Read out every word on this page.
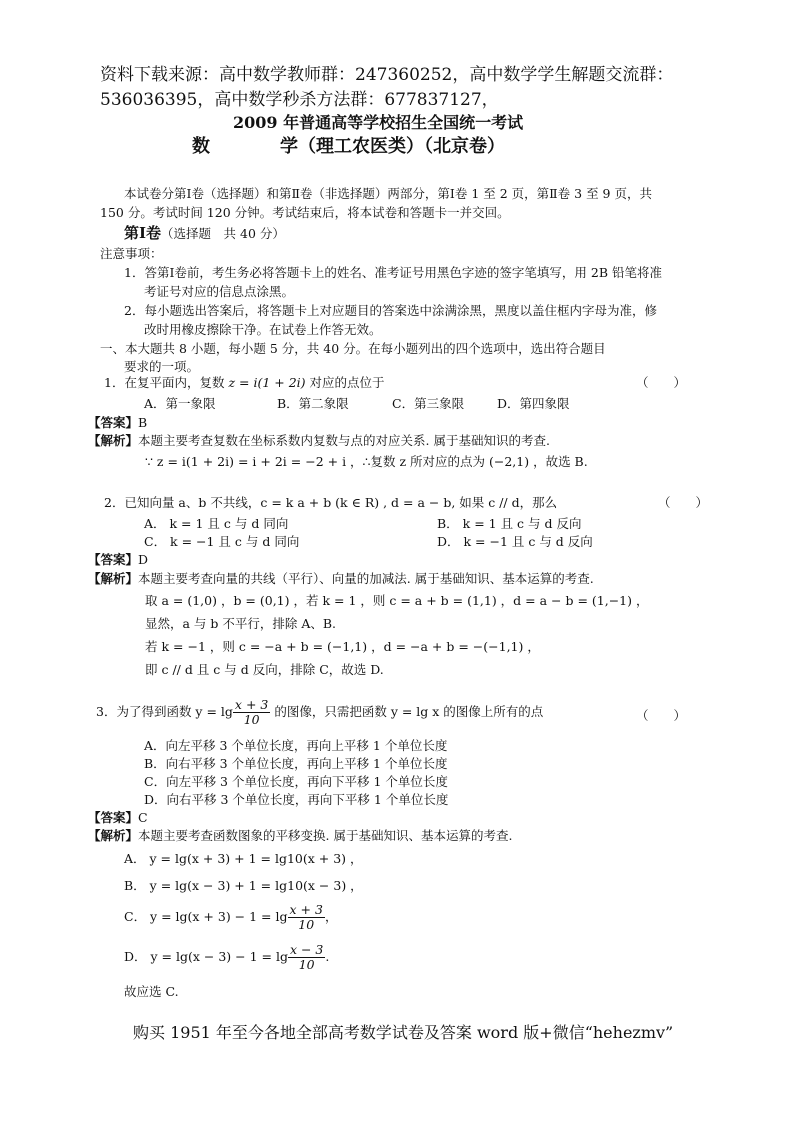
资料下载来源：高中数学教师群：247360252，高中数学学生解题交流群：
536036395，高中数学秒杀方法群：677837127，
2009 年普通高等学校招生全国统一考试
数	学（理工农医类）（北京卷）
本试卷分第Ⅰ卷（选择题）和第Ⅱ卷（非选择题）两部分，第Ⅰ卷 1 至 2 页，第Ⅱ卷 3 至 9 页，共
150 分。考试时间 120 分钟。考试结束后，将本试卷和答题卡一并交回。
第Ⅰ卷（选择题　共 40 分）
注意事项：
1．答第Ⅰ卷前，考生务必将答题卡上的姓名、准考证号用黑色字迹的签字笔填写，用 2B 铅笔将准
考证号对应的信息点涂黑。
2．每小题选出答案后，将答题卡上对应题目的答案选中涂满涂黑，黑度以盖住框内字母为准，修
改时用橡皮擦除干净。在试卷上作答无效。
一、本大题共 8 小题，每小题 5 分，共 40 分。在每小题列出的四个选项中，选出符合题目
要求的一项。
1．在复平面内，复数 z = i(1 + 2i) 对应的点位于	（　　）
A．第一象限	B．第二象限	C．第三象限	D．第四象限
【答案】B
【解析】本题主要考查复数在坐标系数内复数与点的对应关系. 属于基础知识的考查.
∵ z = i(1 + 2i) = i + 2i = −2 + i ，∴复数 z 所对应的点为 (−2,1) ，故选 B.
2．已知向量 a、b 不共线，c = k a + b (k ∈ R) , d = a − b, 如果 c // d，那么	（　　）
A． k = 1 且 c 与 d 同向	B． k = 1 且 c 与 d 反向
C． k = −1 且 c 与 d 同向	D． k = −1 且 c 与 d 反向
【答案】D
【解析】本题主要考查向量的共线（平行）、向量的加减法. 属于基础知识、基本运算的考查.
取 a = (1,0) ，b = (0,1) ，若 k = 1 ，则 c = a + b = (1,1) ，d = a − b = (1,−1) ，
显然，a 与 b 不平行，排除 A、B.
若 k = −1 ，则 c = −a + b = (−1,1) ，d = −a + b = −(−1,1) ，
即 c // d 且 c 与 d 反向，排除 C，故选 D.
3．为了得到函数 $y = \lg \frac{x + 3}{10}$ 的图像，只需把函数 y = lg x 的图像上所有的点	（　　）
A．向左平移 3 个单位长度，再向上平移 1 个单位长度
B．向右平移 3 个单位长度，再向上平移 1 个单位长度
C．向左平移 3 个单位长度，再向下平移 1 个单位长度
D．向右平移 3 个单位长度，再向下平移 1 个单位长度
【答案】C
【解析】本题主要考查函数图象的平移变换. 属于基础知识、基本运算的考查.
A． y = lg(x + 3) + 1 = lg10(x + 3) ，
B． y = lg(x − 3) + 1 = lg10(x − 3) ，
C． $y = \lg(x + 3) - 1 = \lg \frac{x + 3}{10}$ ，
D． $y = \lg(x - 3) - 1 = \lg \frac{x - 3}{10}$ .
故应选 C.
购买 1951 年至今各地全部高考数学试卷及答案 word 版+微信“hehezmv”
